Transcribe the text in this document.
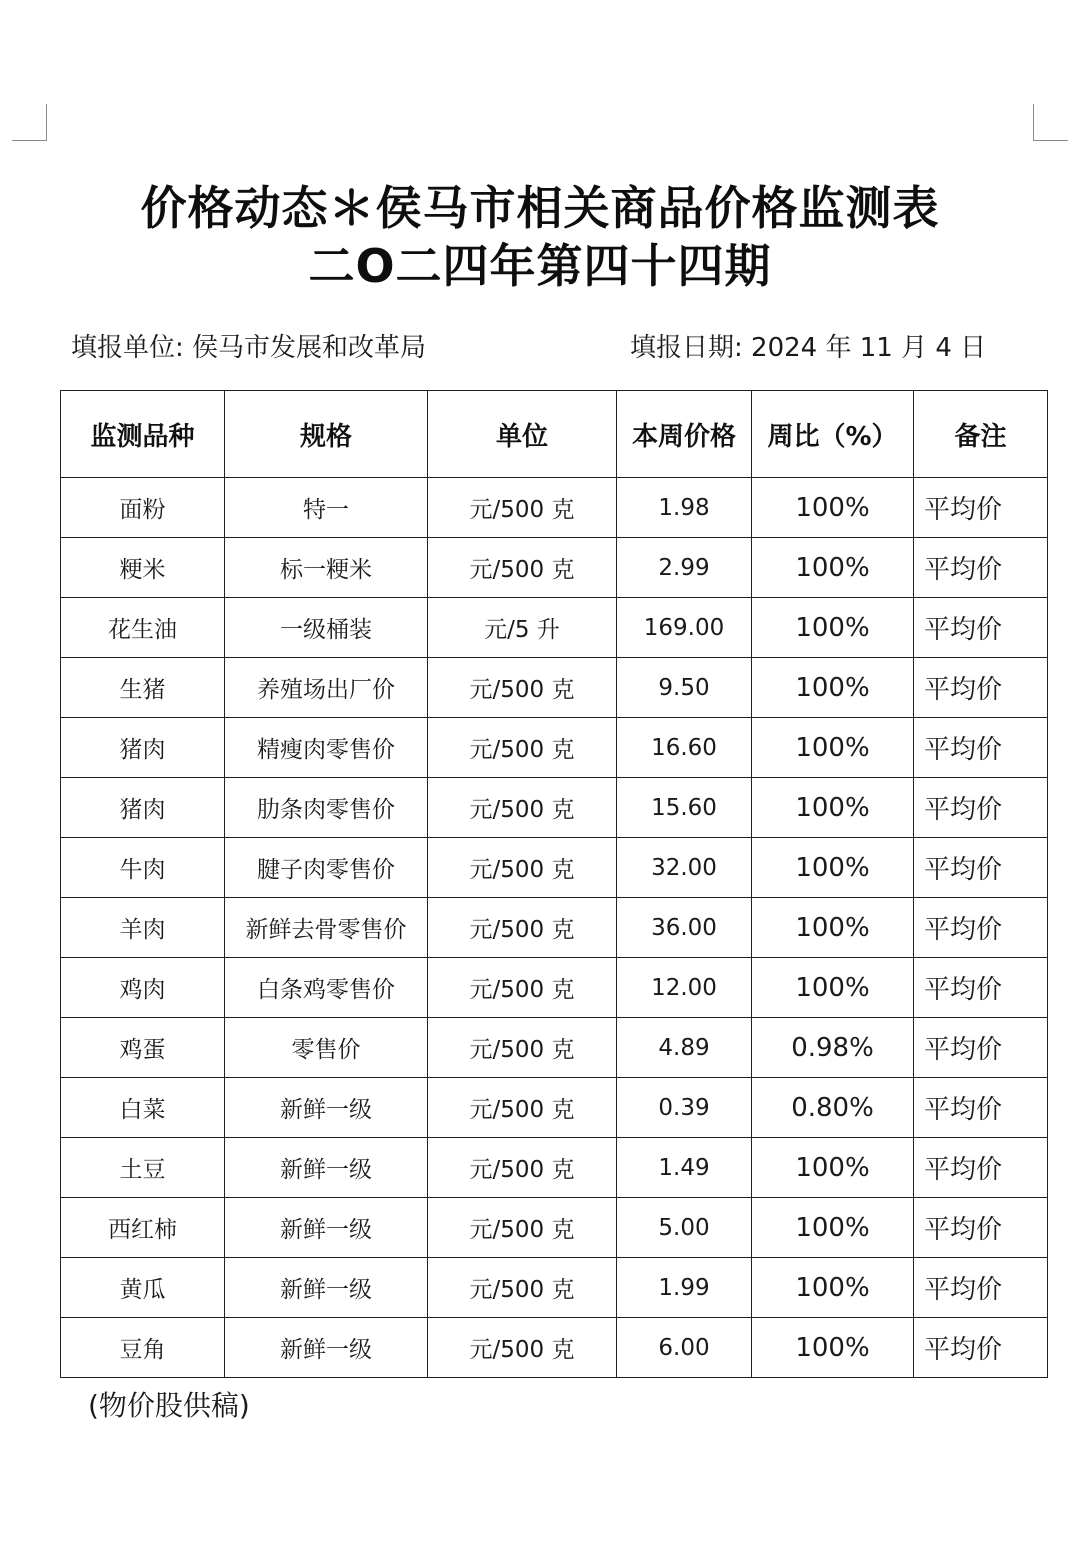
价格动态＊侯马市相关商品价格监测表
二O二四年第四十四期
填报单位: 侯马市发展和改革局	填报日期: 2024 年 11 月 4 日
监测品种	规格	单位	本周价格	周比（%）	备注
面粉	特一	元/500 克	1.98	100%	平均价
粳米	标一粳米	元/500 克	2.99	100%	平均价
花生油	一级桶装	元/5 升	169.00	100%	平均价
生猪	养殖场出厂价	元/500 克	9.50	100%	平均价
猪肉	精瘦肉零售价	元/500 克	16.60	100%	平均价
猪肉	肋条肉零售价	元/500 克	15.60	100%	平均价
牛肉	腱子肉零售价	元/500 克	32.00	100%	平均价
羊肉	新鲜去骨零售价	元/500 克	36.00	100%	平均价
鸡肉	白条鸡零售价	元/500 克	12.00	100%	平均价
鸡蛋	零售价	元/500 克	4.89	0.98%	平均价
白菜	新鲜一级	元/500 克	0.39	0.80%	平均价
土豆	新鲜一级	元/500 克	1.49	100%	平均价
西红柿	新鲜一级	元/500 克	5.00	100%	平均价
黄瓜	新鲜一级	元/500 克	1.99	100%	平均价
豆角	新鲜一级	元/500 克	6.00	100%	平均价
(物价股供稿)
